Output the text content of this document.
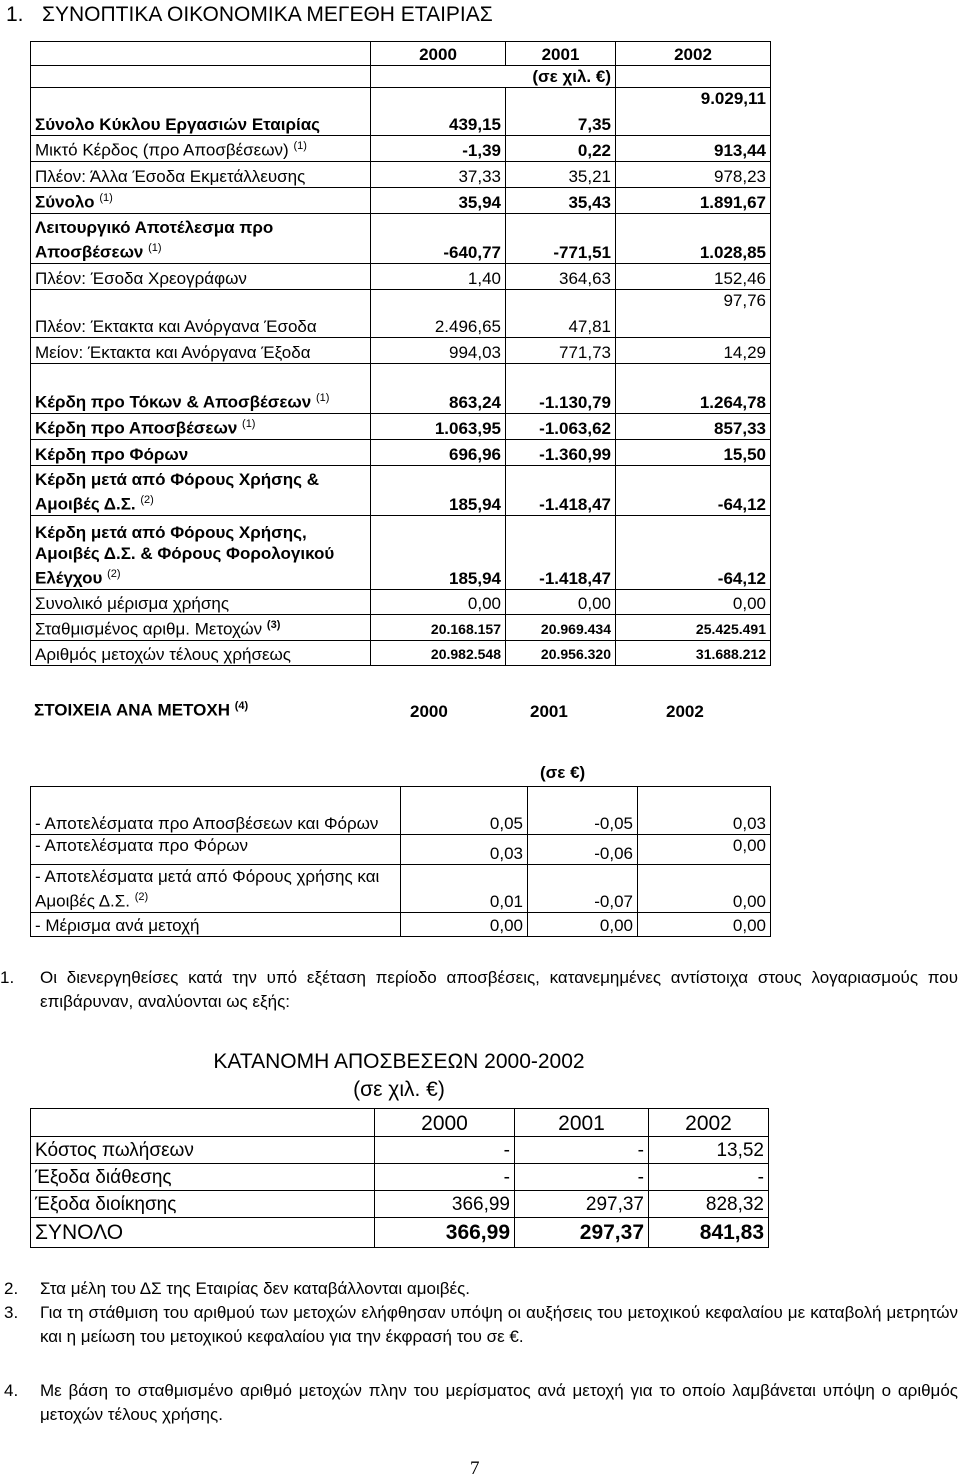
1. ΣΥΝΟΠΤΙΚΑ ΟΙΚΟΝΟΜΙΚΑ ΜΕΓΕΘΗ ΕΤΑΙΡΙΑΣ
	2000	2001	2002
	(σε χιλ. €)		
Σύνολο Κύκλου Εργασιών Εταιρίας	439,15	7,35	9.029,11
Μικτό Κέρδος (προ Αποσβέσεων) $^{(1)}$	-1,39	0,22	913,44
Πλέον: Άλλα Έσοδα Εκμετάλλευσης	37,33	35,21	978,23
Σύνολο $^{(1)}$	35,94	35,43	1.891,67
Λειτουργικό Αποτέλεσμα προ Αποσβέσεων $^{(1)}$	-640,77	-771,51	1.028,85
Πλέον: Έσοδα Χρεογράφων	1,40	364,63	152,46
Πλέον: Έκτακτα και Ανόργανα Έσοδα	2.496,65	47,81	97,76
Μείον: Έκτακτα και Ανόργανα Έξοδα	994,03	771,73	14,29
Κέρδη προ Τόκων & Αποσβέσεων $^{(1)}$	863,24	-1.130,79	1.264,78
Κέρδη προ Αποσβέσεων $^{(1)}$	1.063,95	-1.063,62	857,33
Κέρδη προ Φόρων	696,96	-1.360,99	15,50
Κέρδη μετά από Φόρους Χρήσης & Αμοιβές Δ.Σ. $^{(2)}$	185,94	-1.418,47	-64,12
Κέρδη μετά από Φόρους Χρήσης, Αμοιβές Δ.Σ. & Φόρους Φορολογικού Ελέγχου $^{(2)}$	185,94	-1.418,47	-64,12
Συνολικό μέρισμα χρήσης	0,00	0,00	0,00
Σταθμισμένος αριθμ. Μετοχών $^{(3)}$	20.168.157	20.969.434	25.425.491
Αριθμός μετοχών τέλους χρήσεως	20.982.548	20.956.320	31.688.212
ΣΤΟΙΧΕΙΑ ΑΝΑ ΜΕΤΟΧΗ $^{(4)}$	2000	2001	2002
(σε €)
- Αποτελέσματα προ Αποσβέσεων και Φόρων	0,05	-0,05	0,03
- Αποτελέσματα προ Φόρων	0,03	-0,06	0,00
- Αποτελέσματα μετά από Φόρους χρήσης και Αμοιβές Δ.Σ. $^{(2)}$	0,01	-0,07	0,00
- Μέρισμα ανά μετοχή	0,00	0,00	0,00
1. Οι διενεργηθείσες κατά την υπό εξέταση περίοδο αποσβέσεις, κατανεμημένες αντίστοιχα στους λογαριασμούς που επιβάρυναν, αναλύονται ως εξής:
ΚΑΤΑΝΟΜΗ ΑΠΟΣΒΕΣΕΩΝ 2000-2002
(σε χιλ. €)
	2000	2001	2002
Κόστος πωλήσεων	-	-	13,52
Έξοδα διάθεσης	-	-	-
Έξοδα διοίκησης	366,99	297,37	828,32
ΣΥΝΟΛΟ	366,99	297,37	841,83
2. Στα μέλη του ΔΣ της Εταιρίας δεν καταβάλλονται αμοιβές.
3. Για τη στάθμιση του αριθμού των μετοχών ελήφθησαν υπόψη οι αυξήσεις του μετοχικού κεφαλαίου με καταβολή μετρητών και η μείωση του μετοχικού κεφαλαίου για την έκφρασή του σε €.
4. Με βάση το σταθμισμένο αριθμό μετοχών πλην του μερίσματος ανά μετοχή για το οποίο λαμβάνεται υπόψη ο αριθμός μετοχών τέλους χρήσης.
7
